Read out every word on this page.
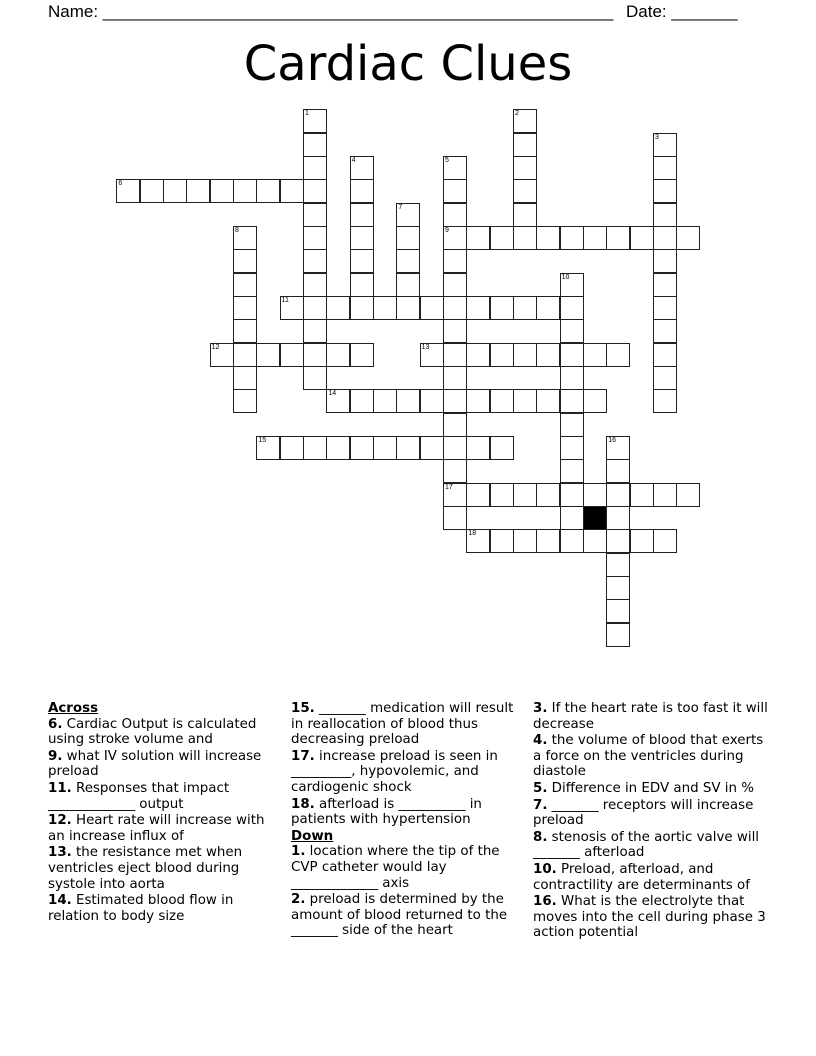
Name: ______________________________________________________ Date: _______
Cardiac Clues
1	2
3
4	5
9
17
6
7
8
10
11
12	13
14
15	16
18
Across
6. Cardiac Output is calculated using stroke volume and
9. what IV solution will increase preload
11. Responses that impact _____________ output
12. Heart rate will increase with an increase influx of
13. the resistance met when ventricles eject blood during systole into aorta
14. Estimated blood flow in relation to body size
15. _______ medication will result in reallocation of blood thus decreasing preload
17. increase preload is seen in _________, hypovolemic, and cardiogenic shock
18. afterload is __________ in patients with hypertension
Down
1. location where the tip of the CVP catheter would lay _____________ axis
2. preload is determined by the amount of blood returned to the _______ side of the heart
3. If the heart rate is too fast it will decrease
4. the volume of blood that exerts a force on the ventricles during diastole
5. Difference in EDV and SV in %
7. _______ receptors will increase preload
8. stenosis of the aortic valve will _______ afterload
10. Preload, afterload, and contractility are determinants of
16. What is the electrolyte that moves into the cell during phase 3 action potential
